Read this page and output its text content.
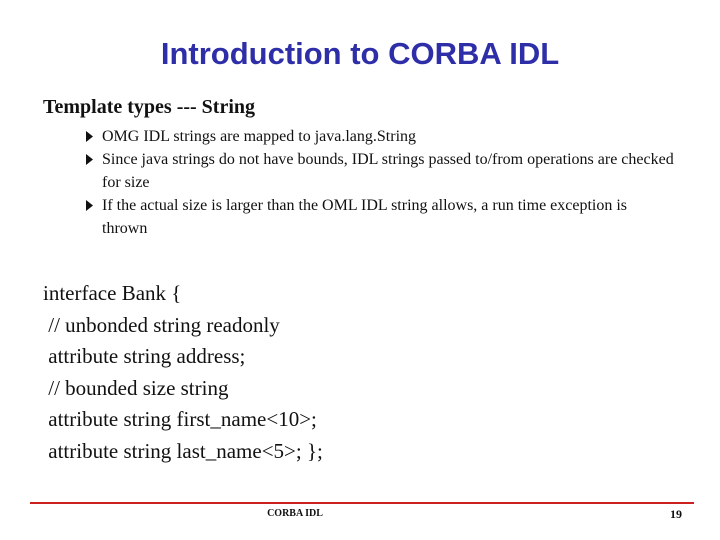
Introduction to CORBA IDL
Template types --- String
OMG IDL strings are mapped to java.lang.String
Since java strings do not have bounds, IDL strings passed to/from operations are checked for size
If the actual size is larger than the OML IDL string allows, a run time exception is thrown
interface Bank {
// unbonded string readonly
attribute string address;
// bounded size string
attribute string first_name<10>;
attribute string last_name<5>; };
CORBA IDL	19
